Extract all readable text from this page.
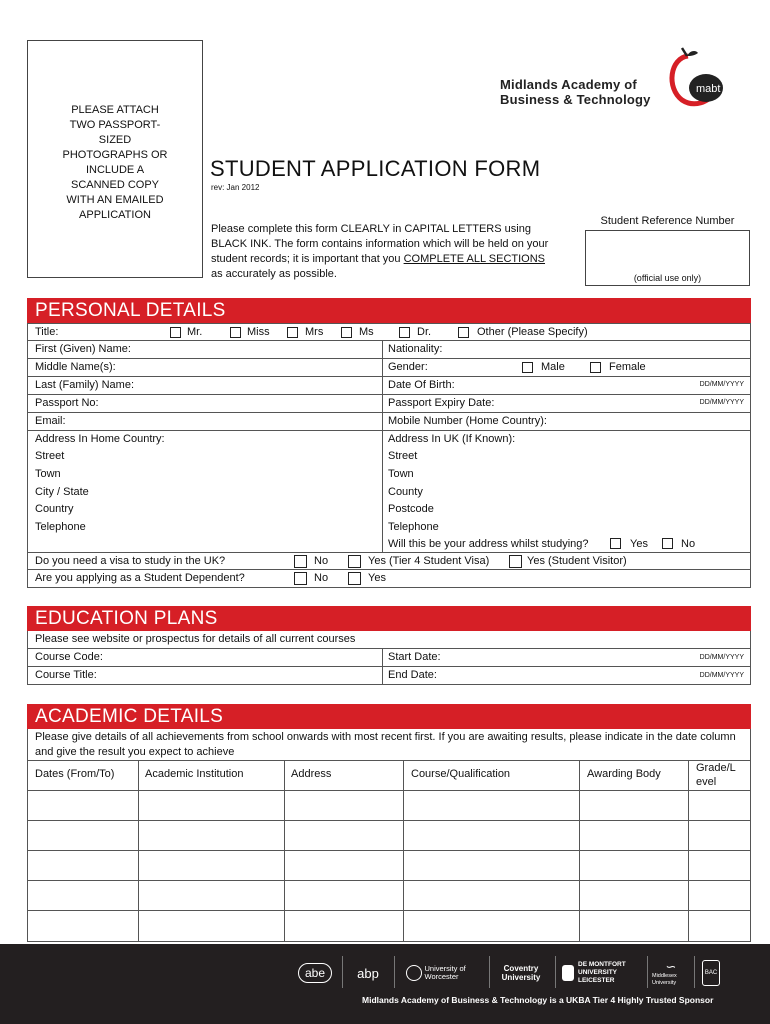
PLEASE ATTACH
TWO PASSPORT-
SIZED
PHOTOGRAPHS OR
INCLUDE A
SCANNED COPY
WITH AN EMAILED
APPLICATION
mabt
Midlands Academy of
Business & Technology
STUDENT APPLICATION FORM
rev: Jan 2012
Please complete this form CLEARLY in CAPITAL LETTERS using BLACK INK. The form contains information which will be held on your student records; it is important that you COMPLETE ALL SECTIONS as accurately as possible.
Student Reference Number
(official use only)
PERSONAL DETAILS
Title:	Mr.	Miss	Mrs	Ms	Dr.	Other (Please Specify)
First (Given) Name:	Nationality:
Middle Name(s):	Gender:	Male	Female
Last (Family) Name:	Date Of Birth:	DD/MM/YYYY
Passport No:	Passport Expiry Date:	DD/MM/YYYY
Email:	Mobile Number (Home Country):
Address In Home Country:
Street
Town
City / State
Country
Telephone
Address In UK (If Known):
Street
Town
County
Postcode
Telephone
Will this be your address whilst studying?	Yes	No
Do you need a visa to study in the UK?	No	Yes (Tier 4 Student Visa)	Yes (Student Visitor)
Are you applying as a Student Dependent?	No	Yes
EDUCATION PLANS
Please see website or prospectus for details of all current courses
Course Code:	Start Date:	DD/MM/YYYY
Course Title:	End Date:	DD/MM/YYYY
ACADEMIC DETAILS
Please give details of all achievements from school onwards with most recent first. If you are awaiting results, please indicate in the date column and give the result you expect to achieve
Dates (From/To)	Academic Institution	Address	Course/Qualification	Awarding Body	Grade/L
evel
abe	abp	University of Worcester
Coventry University
DE MONTFORT UNIVERSITY LEICESTER
∽
Middlesex University
BAC
Midlands Academy of Business & Technology is a UKBA Tier 4 Highly Trusted Sponsor
